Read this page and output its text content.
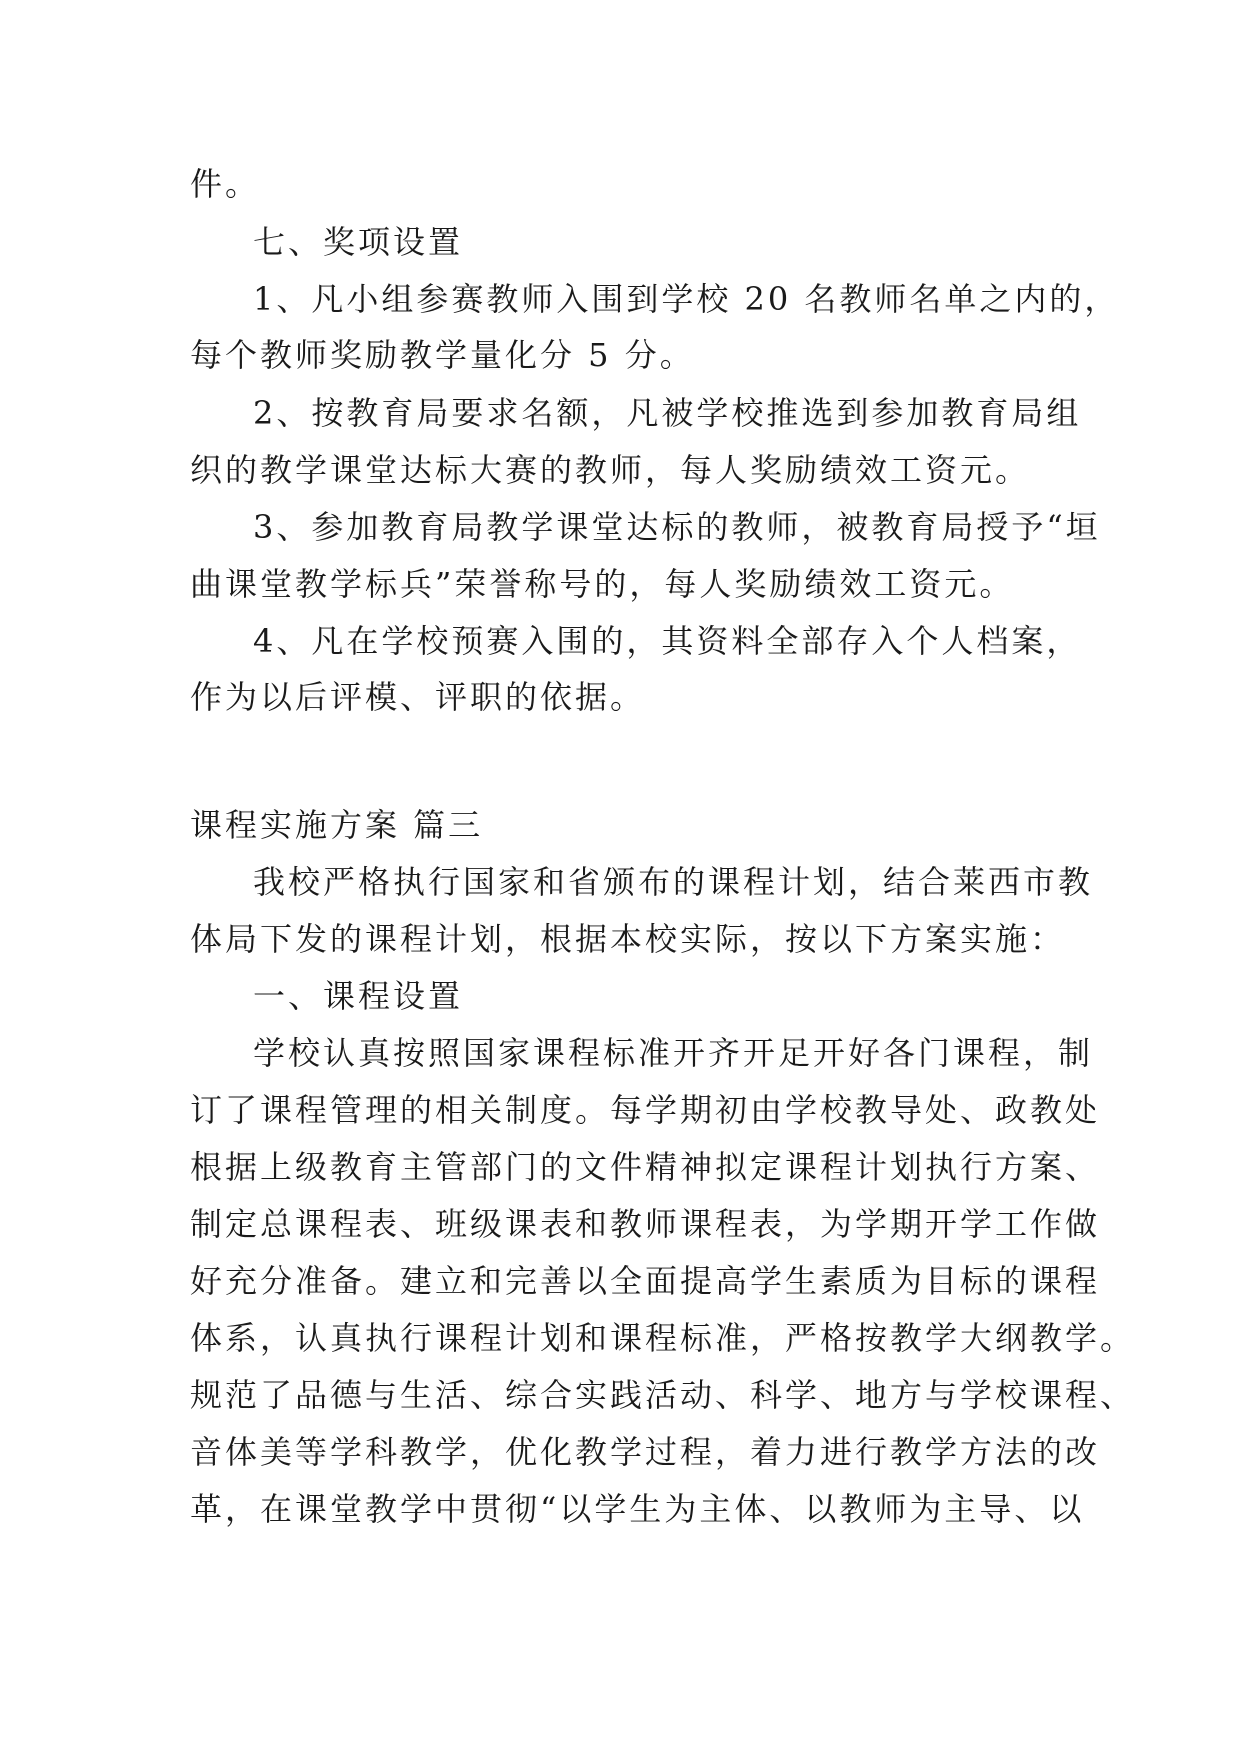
件。
七、奖项设置
1、凡小组参赛教师入围到学校 20 名教师名单之内的，
每个教师奖励教学量化分 5 分。
2、按教育局要求名额，凡被学校推选到参加教育局组
织的教学课堂达标大赛的教师，每人奖励绩效工资元。
3、参加教育局教学课堂达标的教师，被教育局授予“垣
曲课堂教学标兵”荣誉称号的，每人奖励绩效工资元。
4、凡在学校预赛入围的，其资料全部存入个人档案，
作为以后评模、评职的依据。
课程实施方案 篇三
我校严格执行国家和省颁布的课程计划，结合莱西市教
体局下发的课程计划，根据本校实际，按以下方案实施：
一、课程设置
学校认真按照国家课程标准开齐开足开好各门课程，制
订了课程管理的相关制度。每学期初由学校教导处、政教处
根据上级教育主管部门的文件精神拟定课程计划执行方案、
制定总课程表、班级课表和教师课程表，为学期开学工作做
好充分准备。建立和完善以全面提高学生素质为目标的课程
体系，认真执行课程计划和课程标准，严格按教学大纲教学。
规范了品德与生活、综合实践活动、科学、地方与学校课程、
音体美等学科教学，优化教学过程，着力进行教学方法的改
革，在课堂教学中贯彻“以学生为主体、以教师为主导、以
